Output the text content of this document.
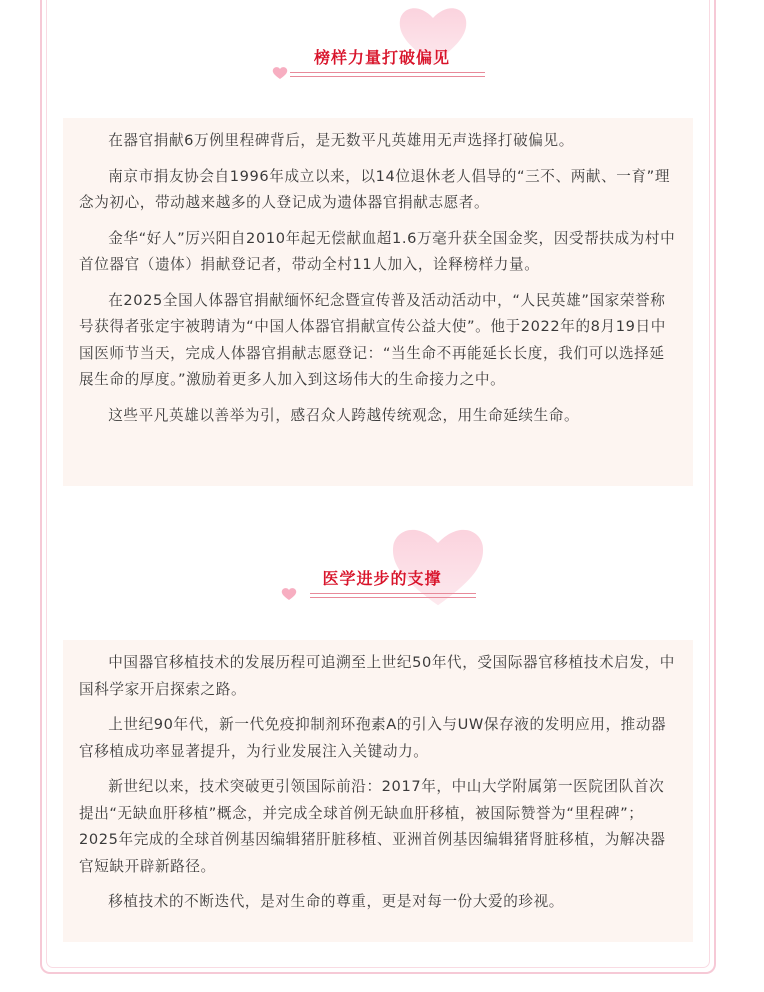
榜样力量打破偏见

在器官捐献6万例里程碑背后，是无数平凡英雄用无声选择打破偏见。

南京市捐友协会自1996年成立以来，以14位退休老人倡导的“三不、两献、一育”理念为初心，带动越来越多的人登记成为遗体器官捐献志愿者。

金华“好人”厉兴阳自2010年起无偿献血超1.6万毫升获全国金奖，因受帮扶成为村中首位器官（遗体）捐献登记者，带动全村11人加入，诠释榜样力量。

在2025全国人体器官捐献缅怀纪念暨宣传普及活动活动中，“人民英雄”国家荣誉称号获得者张定宇被聘请为“中国人体器官捐献宣传公益大使”。他于2022年的8月19日中国医师节当天，完成人体器官捐献志愿登记：“当生命不再能延长长度，我们可以选择延展生命的厚度。”激励着更多人加入到这场伟大的生命接力之中。

这些平凡英雄以善举为引，感召众人跨越传统观念，用生命延续生命。

医学进步的支撑

中国器官移植技术的发展历程可追溯至上世纪50年代，受国际器官移植技术启发，中国科学家开启探索之路。

上世纪90年代，新一代免疫抑制剂环孢素A的引入与UW保存液的发明应用，推动器官移植成功率显著提升，为行业发展注入关键动力。

新世纪以来，技术突破更引领国际前沿：2017年，中山大学附属第一医院团队首次提出“无缺血肝移植”概念，并完成全球首例无缺血肝移植，被国际赞誉为“里程碑”；2025年完成的全球首例基因编辑猪肝脏移植、亚洲首例基因编辑猪肾脏移植，为解决器官短缺开辟新路径。

移植技术的不断迭代，是对生命的尊重，更是对每一份大爱的珍视。
